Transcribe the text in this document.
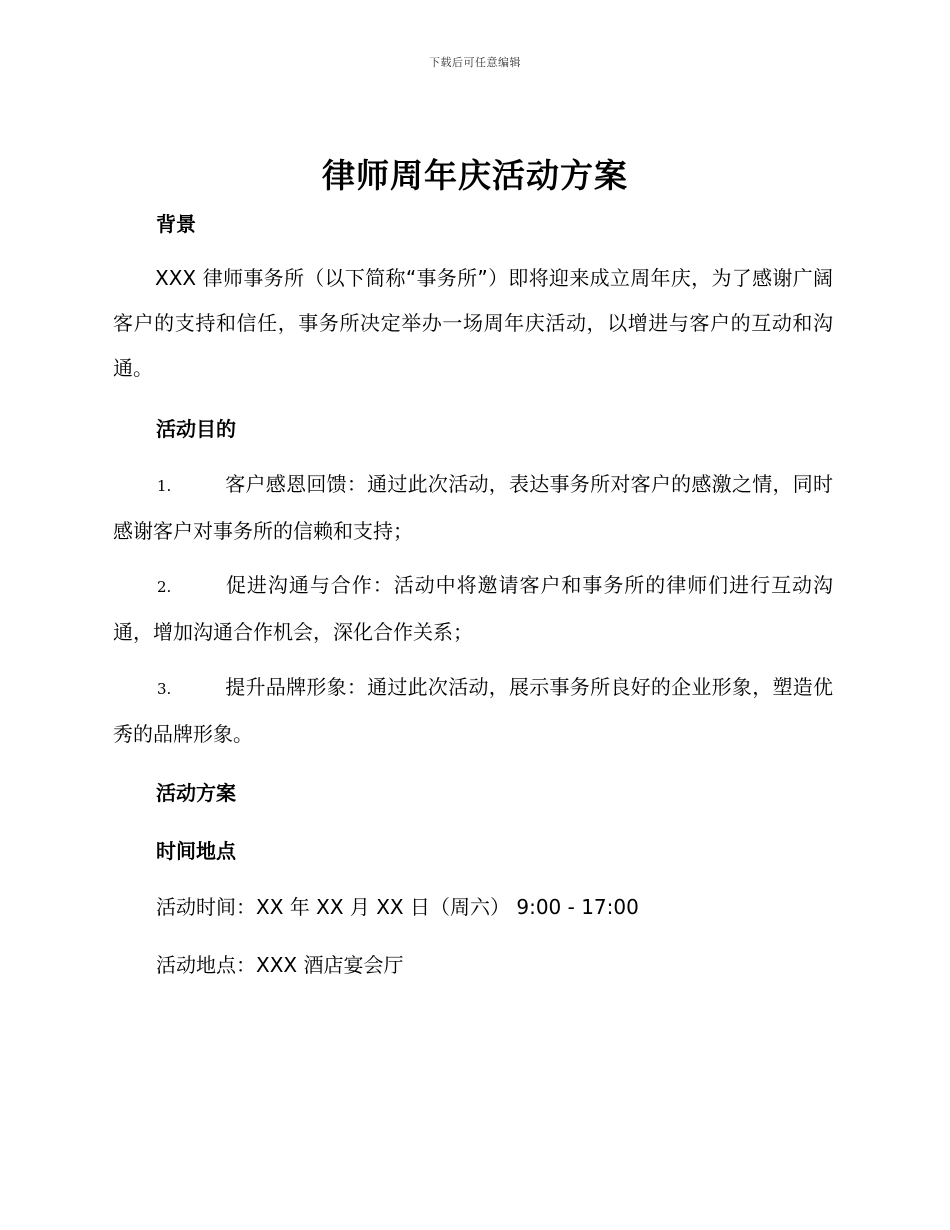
下载后可任意编辑
律师周年庆活动方案
背景
XXX 律师事务所（以下简称“事务所”）即将迎来成立周年庆，为了感谢广阔客户的支持和信任，事务所决定举办一场周年庆活动，以增进与客户的互动和沟通。
活动目的
1.	客户感恩回馈：通过此次活动，表达事务所对客户的感激之情，同时感谢客户对事务所的信赖和支持；
2.	促进沟通与合作：活动中将邀请客户和事务所的律师们进行互动沟通，增加沟通合作机会，深化合作关系；
3.	提升品牌形象：通过此次活动，展示事务所良好的企业形象，塑造优秀的品牌形象。
活动方案
时间地点
活动时间：XX 年 XX 月 XX 日（周六） 9:00 - 17:00
活动地点：XXX 酒店宴会厅
